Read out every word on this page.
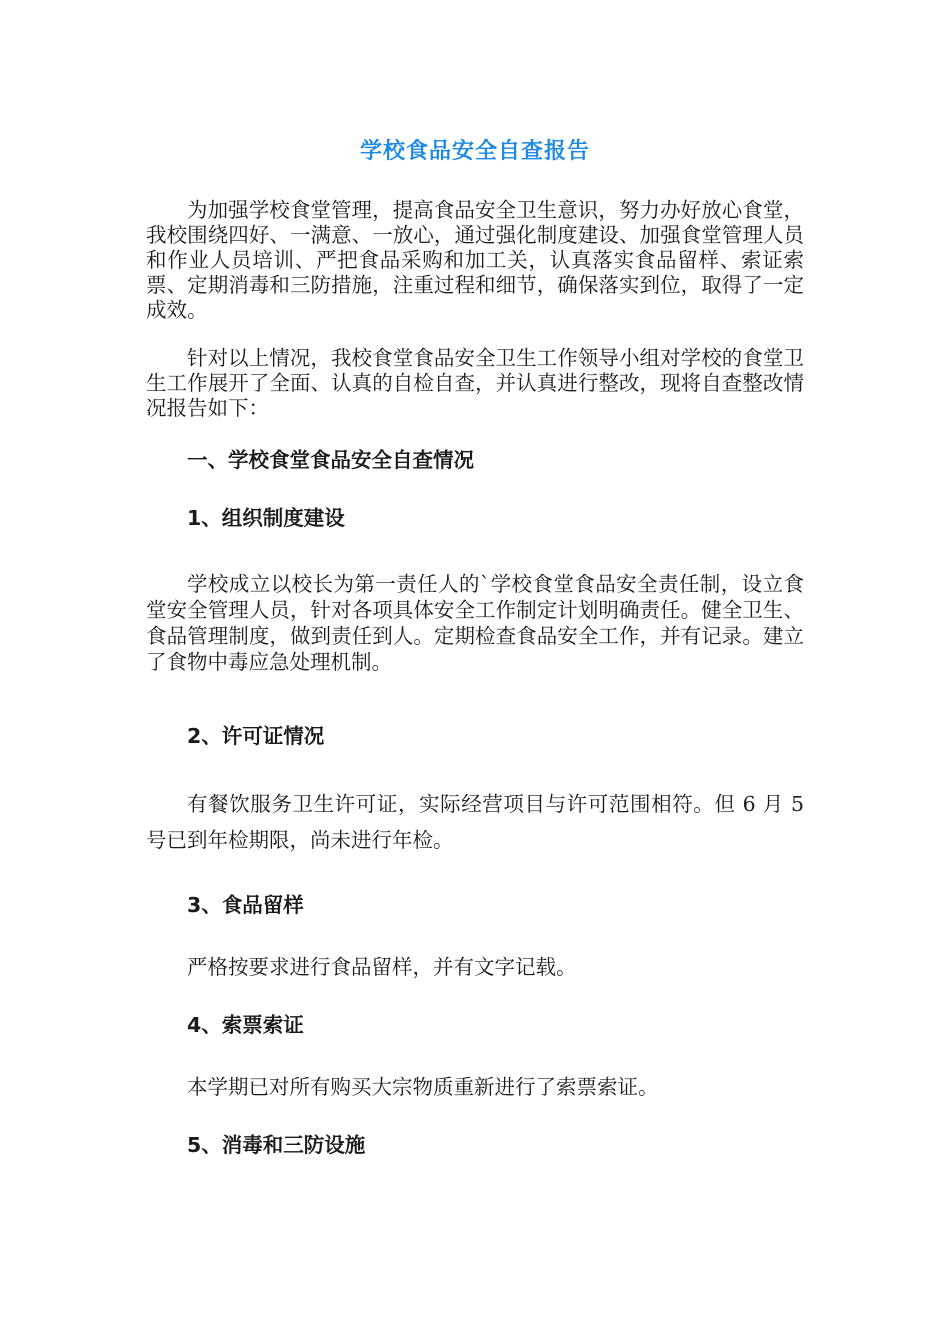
学校食品安全自查报告

为加强学校食堂管理，提高食品安全卫生意识，努力办好放心食堂，我校围绕四好、一满意、一放心，通过强化制度建设、加强食堂管理人员和作业人员培训、严把食品采购和加工关，认真落实食品留样、索证索票、定期消毒和三防措施，注重过程和细节，确保落实到位，取得了一定成效。

针对以上情况，我校食堂食品安全卫生工作领导小组对学校的食堂卫生工作展开了全面、认真的自检自查，并认真进行整改，现将自查整改情况报告如下：

一、学校食堂食品安全自查情况

1、组织制度建设

学校成立以校长为第一责任人的`学校食堂食品安全责任制，设立食堂安全管理人员，针对各项具体安全工作制定计划明确责任。健全卫生、食品管理制度，做到责任到人。定期检查食品安全工作，并有记录。建立了食物中毒应急处理机制。

2、许可证情况

有餐饮服务卫生许可证，实际经营项目与许可范围相符。但 6 月 5 号已到年检期限，尚未进行年检。

3、食品留样

严格按要求进行食品留样，并有文字记载。

4、索票索证

本学期已对所有购买大宗物质重新进行了索票索证。

5、消毒和三防设施
